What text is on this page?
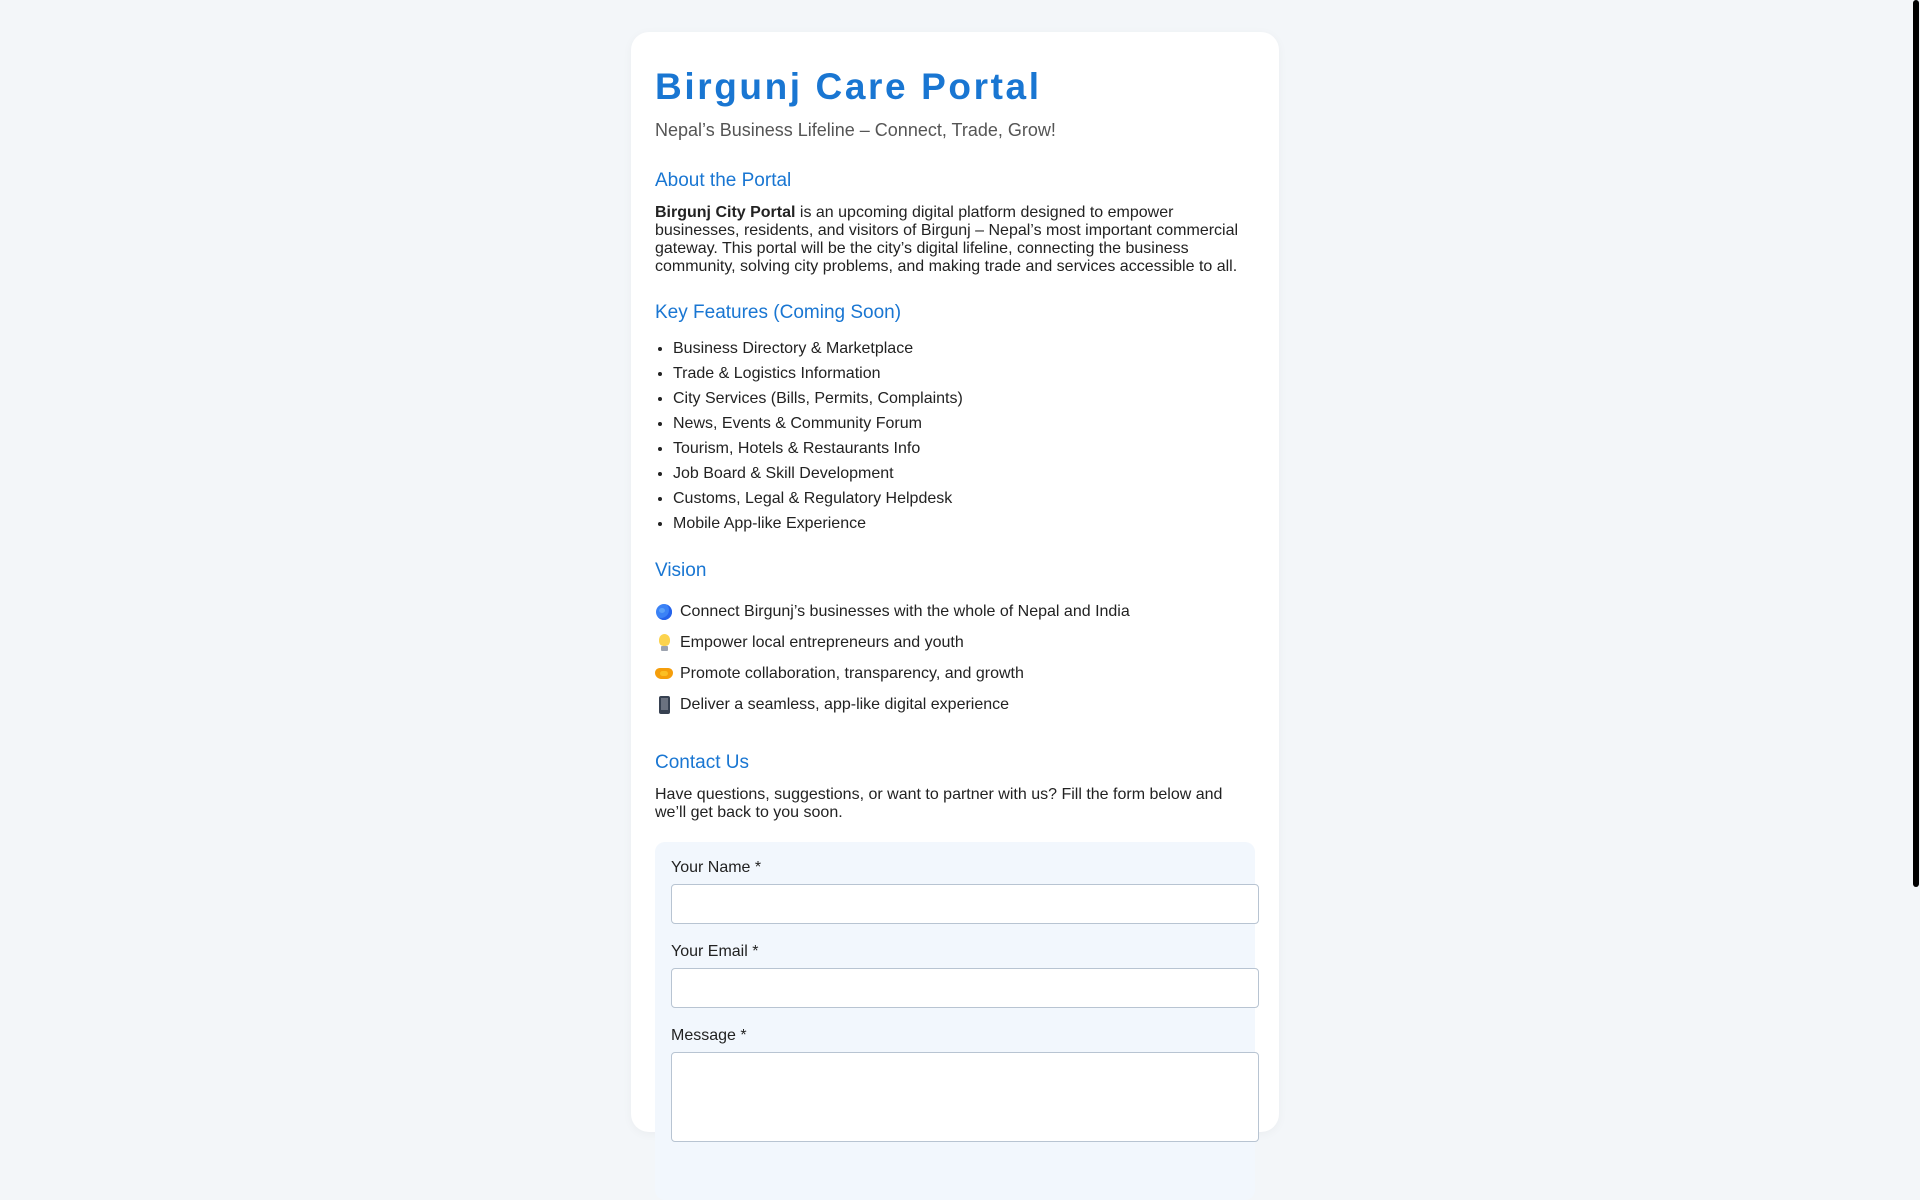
Birgunj Care Portal

Nepal’s Business Lifeline – Connect, Trade, Grow!

About the Portal

Birgunj City Portal is an upcoming digital platform designed to empower businesses, residents, and visitors of Birgunj – Nepal’s most important commercial gateway. This portal will be the city’s digital lifeline, connecting the business community, solving city problems, and making trade and services accessible to all.

Key Features (Coming Soon)
• Business Directory & Marketplace
• Trade & Logistics Information
• City Services (Bills, Permits, Complaints)
• News, Events & Community Forum
• Tourism, Hotels & Restaurants Info
• Job Board & Skill Development
• Customs, Legal & Regulatory Helpdesk
• Mobile App-like Experience
Vision
Connect Birgunj’s businesses with the whole of Nepal and India
Empower local entrepreneurs and youth
Promote collaboration, transparency, and growth
Deliver a seamless, app-like digital experience
Contact Us

Have questions, suggestions, or want to partner with us? Fill the form below and we’ll get back to you soon.

Your Name *
Your Email *
Message *
